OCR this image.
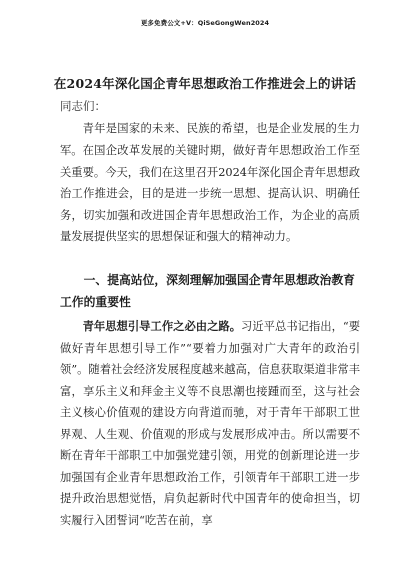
更多免费公文+V：QiSeGongWen2024
在2024年深化国企青年思想政治工作推进会上的讲话
同志们：

青年是国家的未来、民族的希望，也是企业发展的生力军。 在国企改革发展的关键时期，做好青年思想政治工作至关重要。今天，我们在这里召开2024年深化国企青年思想政治工作推进会，目的是进一步统一思想、提高认识、明确任务，切实加强和改进国企青年思想政治工作，为企业的高质量发展提供坚实的思想保证和强大的精神动力。

一、提高站位，深刻理解加强国企青年思想政治教育工作的重要性

青年思想引导工作之必由之路。习近平总书记指出，“要做好青年思想引导工作”“要着力加强对广大青年的政治引领”。随着社会经济发展程度越来越高，信息获取渠道非常丰富，享乐主义和拜金主义等不良思潮也接踵而至，这与社会主义核心价值观的建设方向背道而驰，对于青年干部职工世界观、人生观、价值观的形成与发展形成冲击。所以需要不断在青年干部职工中加强党建引领，用党的创新理论进一步加强国有企业青年思想政治工作，引领青年干部职工进一步提升政治思想觉悟，肩负起新时代中国青年的使命担当，切实履行入团誓词“吃苦在前，享
